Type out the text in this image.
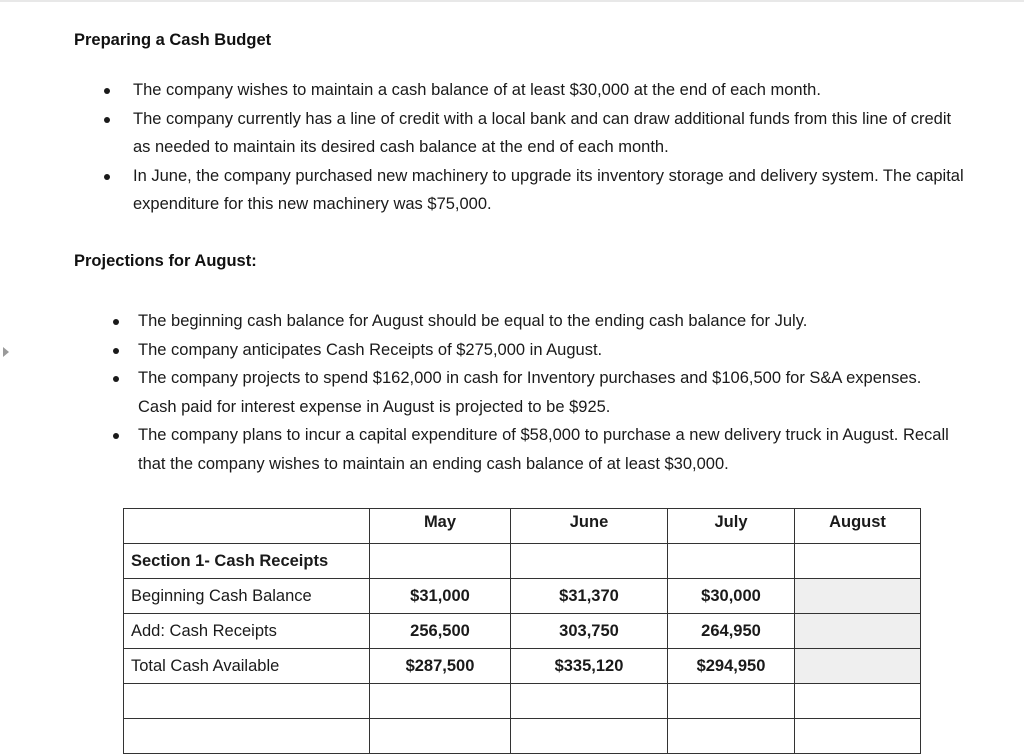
Preparing a Cash Budget
The company wishes to maintain a cash balance of at least $30,000 at the end of each month.
The company currently has a line of credit with a local bank and can draw additional funds from this line of credit as needed to maintain its desired cash balance at the end of each month.
In June, the company purchased new machinery to upgrade its inventory storage and delivery system. The capital expenditure for this new machinery was $75,000.
Projections for August:
The beginning cash balance for August should be equal to the ending cash balance for July.
The company anticipates Cash Receipts of $275,000 in August.
The company projects to spend $162,000 in cash for Inventory purchases and $106,500 for S&A expenses. Cash paid for interest expense in August is projected to be $925.
The company plans to incur a capital expenditure of $58,000 to purchase a new delivery truck in August. Recall that the company wishes to maintain an ending cash balance of at least $30,000.
	May	June	July	August
Section 1- Cash Receipts				
Beginning Cash Balance	$31,000	$31,370	$30,000	
Add: Cash Receipts	256,500	303,750	264,950	
Total Cash Available	$287,500	$335,120	$294,950	
